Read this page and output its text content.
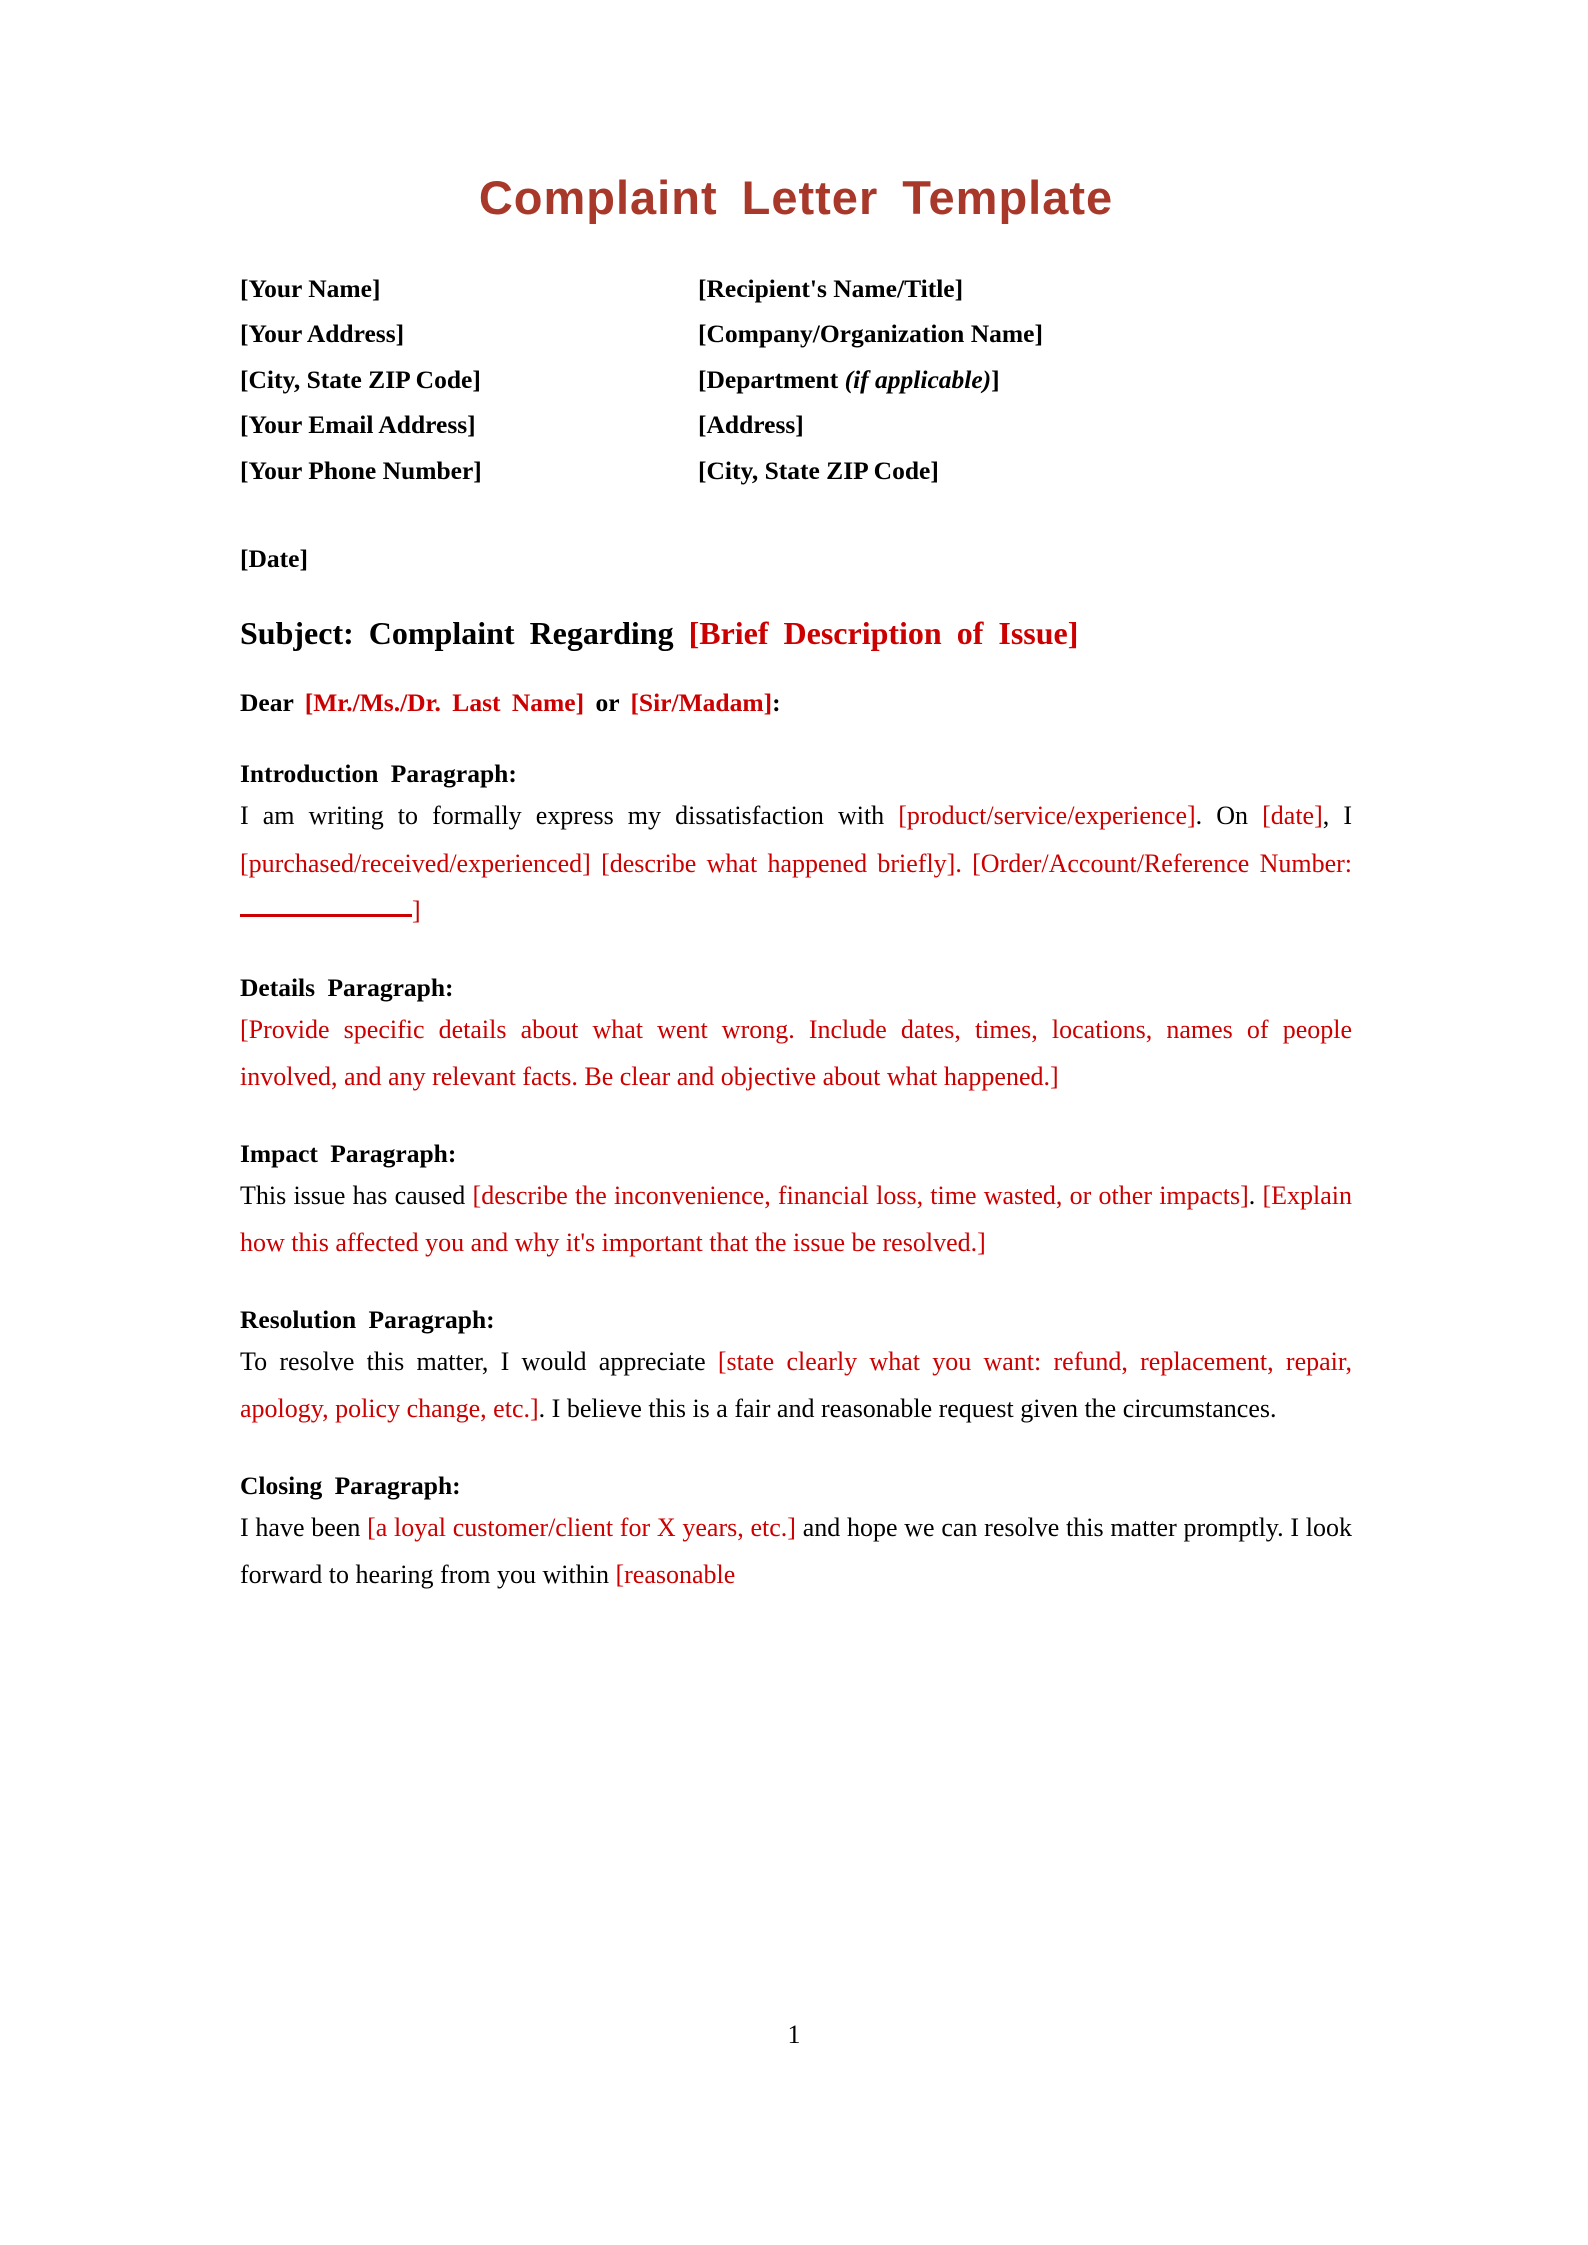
Complaint Letter Template
[Your Name]
[Your Address]
[City, State ZIP Code]
[Your Email Address]
[Your Phone Number]
[Recipient's Name/Title]
[Company/Organization Name]
[Department (if applicable)]
[Address]
[City, State ZIP Code]
[Date]
Subject: Complaint Regarding [Brief Description of Issue]
Dear [Mr./Ms./Dr. Last Name] or [Sir/Madam]:
Introduction Paragraph:
I am writing to formally express my dissatisfaction with [product/service/experience]. On [date], I [purchased/received/experienced] [describe what happened briefly]. [Order/Account/Reference Number: ]
Details Paragraph:
[Provide specific details about what went wrong. Include dates, times, locations, names of people involved, and any relevant facts. Be clear and objective about what happened.]
Impact Paragraph:
This issue has caused [describe the inconvenience, financial loss, time wasted, or other impacts]. [Explain how this affected you and why it's important that the issue be resolved.]
Resolution Paragraph:
To resolve this matter, I would appreciate [state clearly what you want: refund, replacement, repair, apology, policy change, etc.]. I believe this is a fair and reasonable request given the circumstances.
Closing Paragraph:
I have been [a loyal customer/client for X years, etc.] and hope we can resolve this matter promptly. I look forward to hearing from you within [reasonable
1
